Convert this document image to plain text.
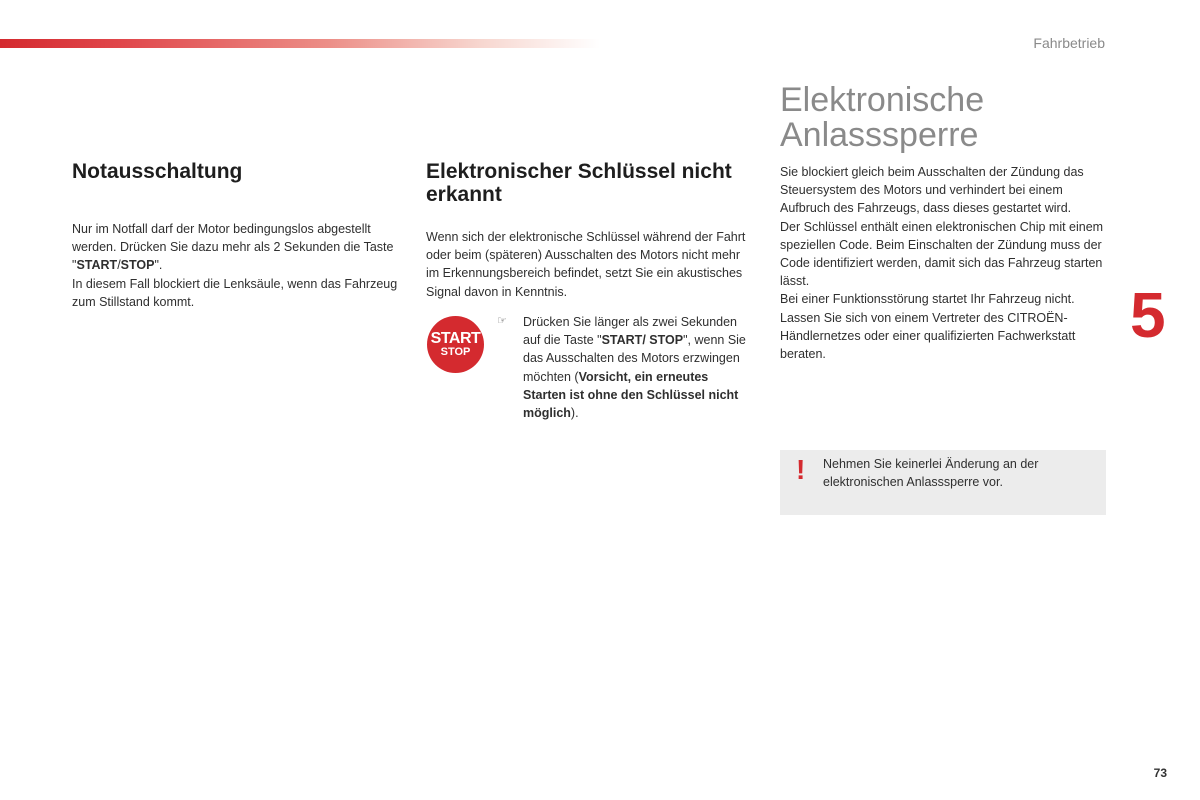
Fahrbetrieb
Notausschaltung

Nur im Notfall darf der Motor bedingungslos abgestellt werden. Drücken Sie dazu mehr als 2 Sekunden die Taste "START/STOP".

In diesem Fall blockiert die Lenksäule, wenn das Fahrzeug zum Stillstand kommt.

Elektronischer Schlüssel nicht erkannt

Wenn sich der elektronische Schlüssel während der Fahrt oder beim (späteren) Ausschalten des Motors nicht mehr im Erkennungsbereich befindet, setzt Sie ein akustisches Signal davon in Kenntnis.

START
STOP
☞ Drücken Sie länger als zwei Sekunden auf die Taste "START/ STOP", wenn Sie das Ausschalten des Motors erzwingen möchten (Vorsicht, ein erneutes Starten ist ohne den Schlüssel nicht möglich).

Elektronische Anlasssperre

Sie blockiert gleich beim Ausschalten der Zündung das Steuersystem des Motors und verhindert bei einem Aufbruch des Fahrzeugs, dass dieses gestartet wird.

Der Schlüssel enthält einen elektronischen Chip mit einem speziellen Code. Beim Einschalten der Zündung muss der Code identifiziert werden, damit sich das Fahrzeug starten lässt.

Bei einer Funktionsstörung startet Ihr Fahrzeug nicht. Lassen Sie sich von einem Vertreter des CITROËN-Händlernetzes oder einer qualifizierten Fachwerkstatt beraten.

! Nehmen Sie keinerlei Änderung an der elektronischen Anlasssperre vor.
5
73
